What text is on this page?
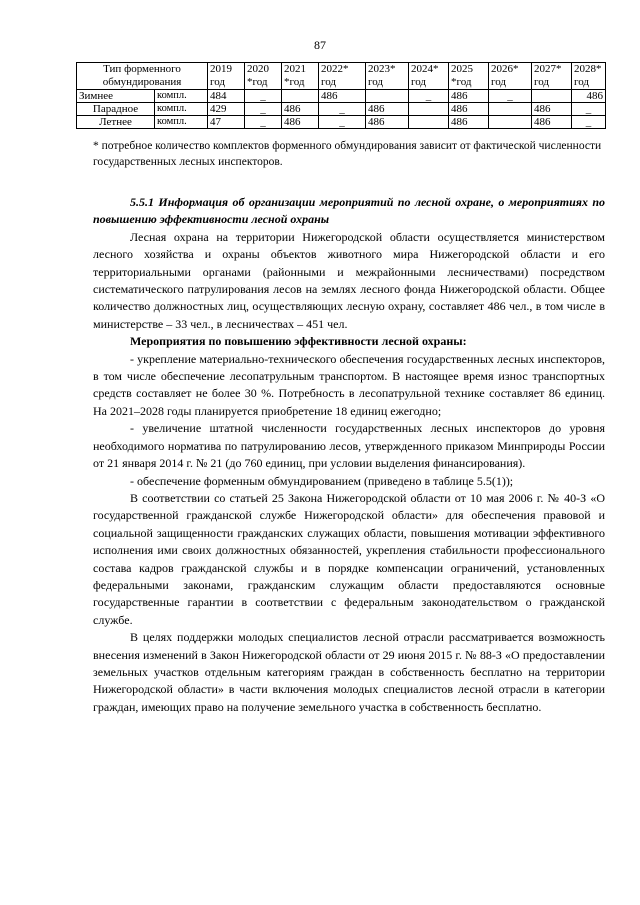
87
Тип форменного обмундирования		2019 год	2020 *год	2021 *год	2022* год	2023* год	2024* год	2025 *год	2026* год	2027* год	2028* год
Зимнее	компл.	484	_		486		_	486	_		486
Парадное	компл.	429	_	486	_	486		486		486	_
Летнее	компл.	47	_	486	_	486		486		486	_
* потребное количество комплектов форменного обмундирования зависит от фактической численности государственных лесных инспекторов.

5.5.1 Информация об организации мероприятий по лесной охране, о мероприятиях по повышению эффективности лесной охраны

Лесная охрана на территории Нижегородской области осуществляется министерством лесного хозяйства и охраны объектов животного мира Нижегородской области и его территориальными органами (районными и межрайонными лесничествами) посредством систематического патрулирования лесов на землях лесного фонда Нижегородской области. Общее количество должностных лиц, осуществляющих лесную охрану, составляет 486 чел., в том числе в министерстве – 33 чел., в лесничествах – 451 чел.

Мероприятия по повышению эффективности лесной охраны:

- укрепление материально-технического обеспечения государственных лесных инспекторов, в том числе обеспечение лесопатрульным транспортом. В настоящее время износ транспортных средств составляет не более 30 %. Потребность в лесопатрульной технике составляет 86 единиц. На 2021–2028 годы планируется приобретение 18 единиц ежегодно;

- увеличение штатной численности государственных лесных инспекторов до уровня необходимого норматива по патрулированию лесов, утвержденного приказом Минприроды России от 21 января 2014 г. № 21 (до 760 единиц, при условии выделения финансирования).

- обеспечение форменным обмундированием (приведено в таблице 5.5(1));

В соответствии со статьей 25 Закона Нижегородской области от 10 мая 2006 г. № 40-З «О государственной гражданской службе Нижегородской области» для обеспечения правовой и социальной защищенности гражданских служащих области, повышения мотивации эффективного исполнения ими своих должностных обязанностей, укрепления стабильности профессионального состава кадров гражданской службы и в порядке компенсации ограничений, установленных федеральными законами, гражданским служащим области предоставляются основные государственные гарантии в соответствии с федеральным законодательством о гражданской службе.

В целях поддержки молодых специалистов лесной отрасли рассматривается возможность внесения изменений в Закон Нижегородской области от 29 июня 2015 г. № 88-З «О предоставлении земельных участков отдельным категориям граждан в собственность бесплатно на территории Нижегородской области» в части включения молодых специалистов лесной отрасли в категории граждан, имеющих право на получение земельного участка в собственность бесплатно.
